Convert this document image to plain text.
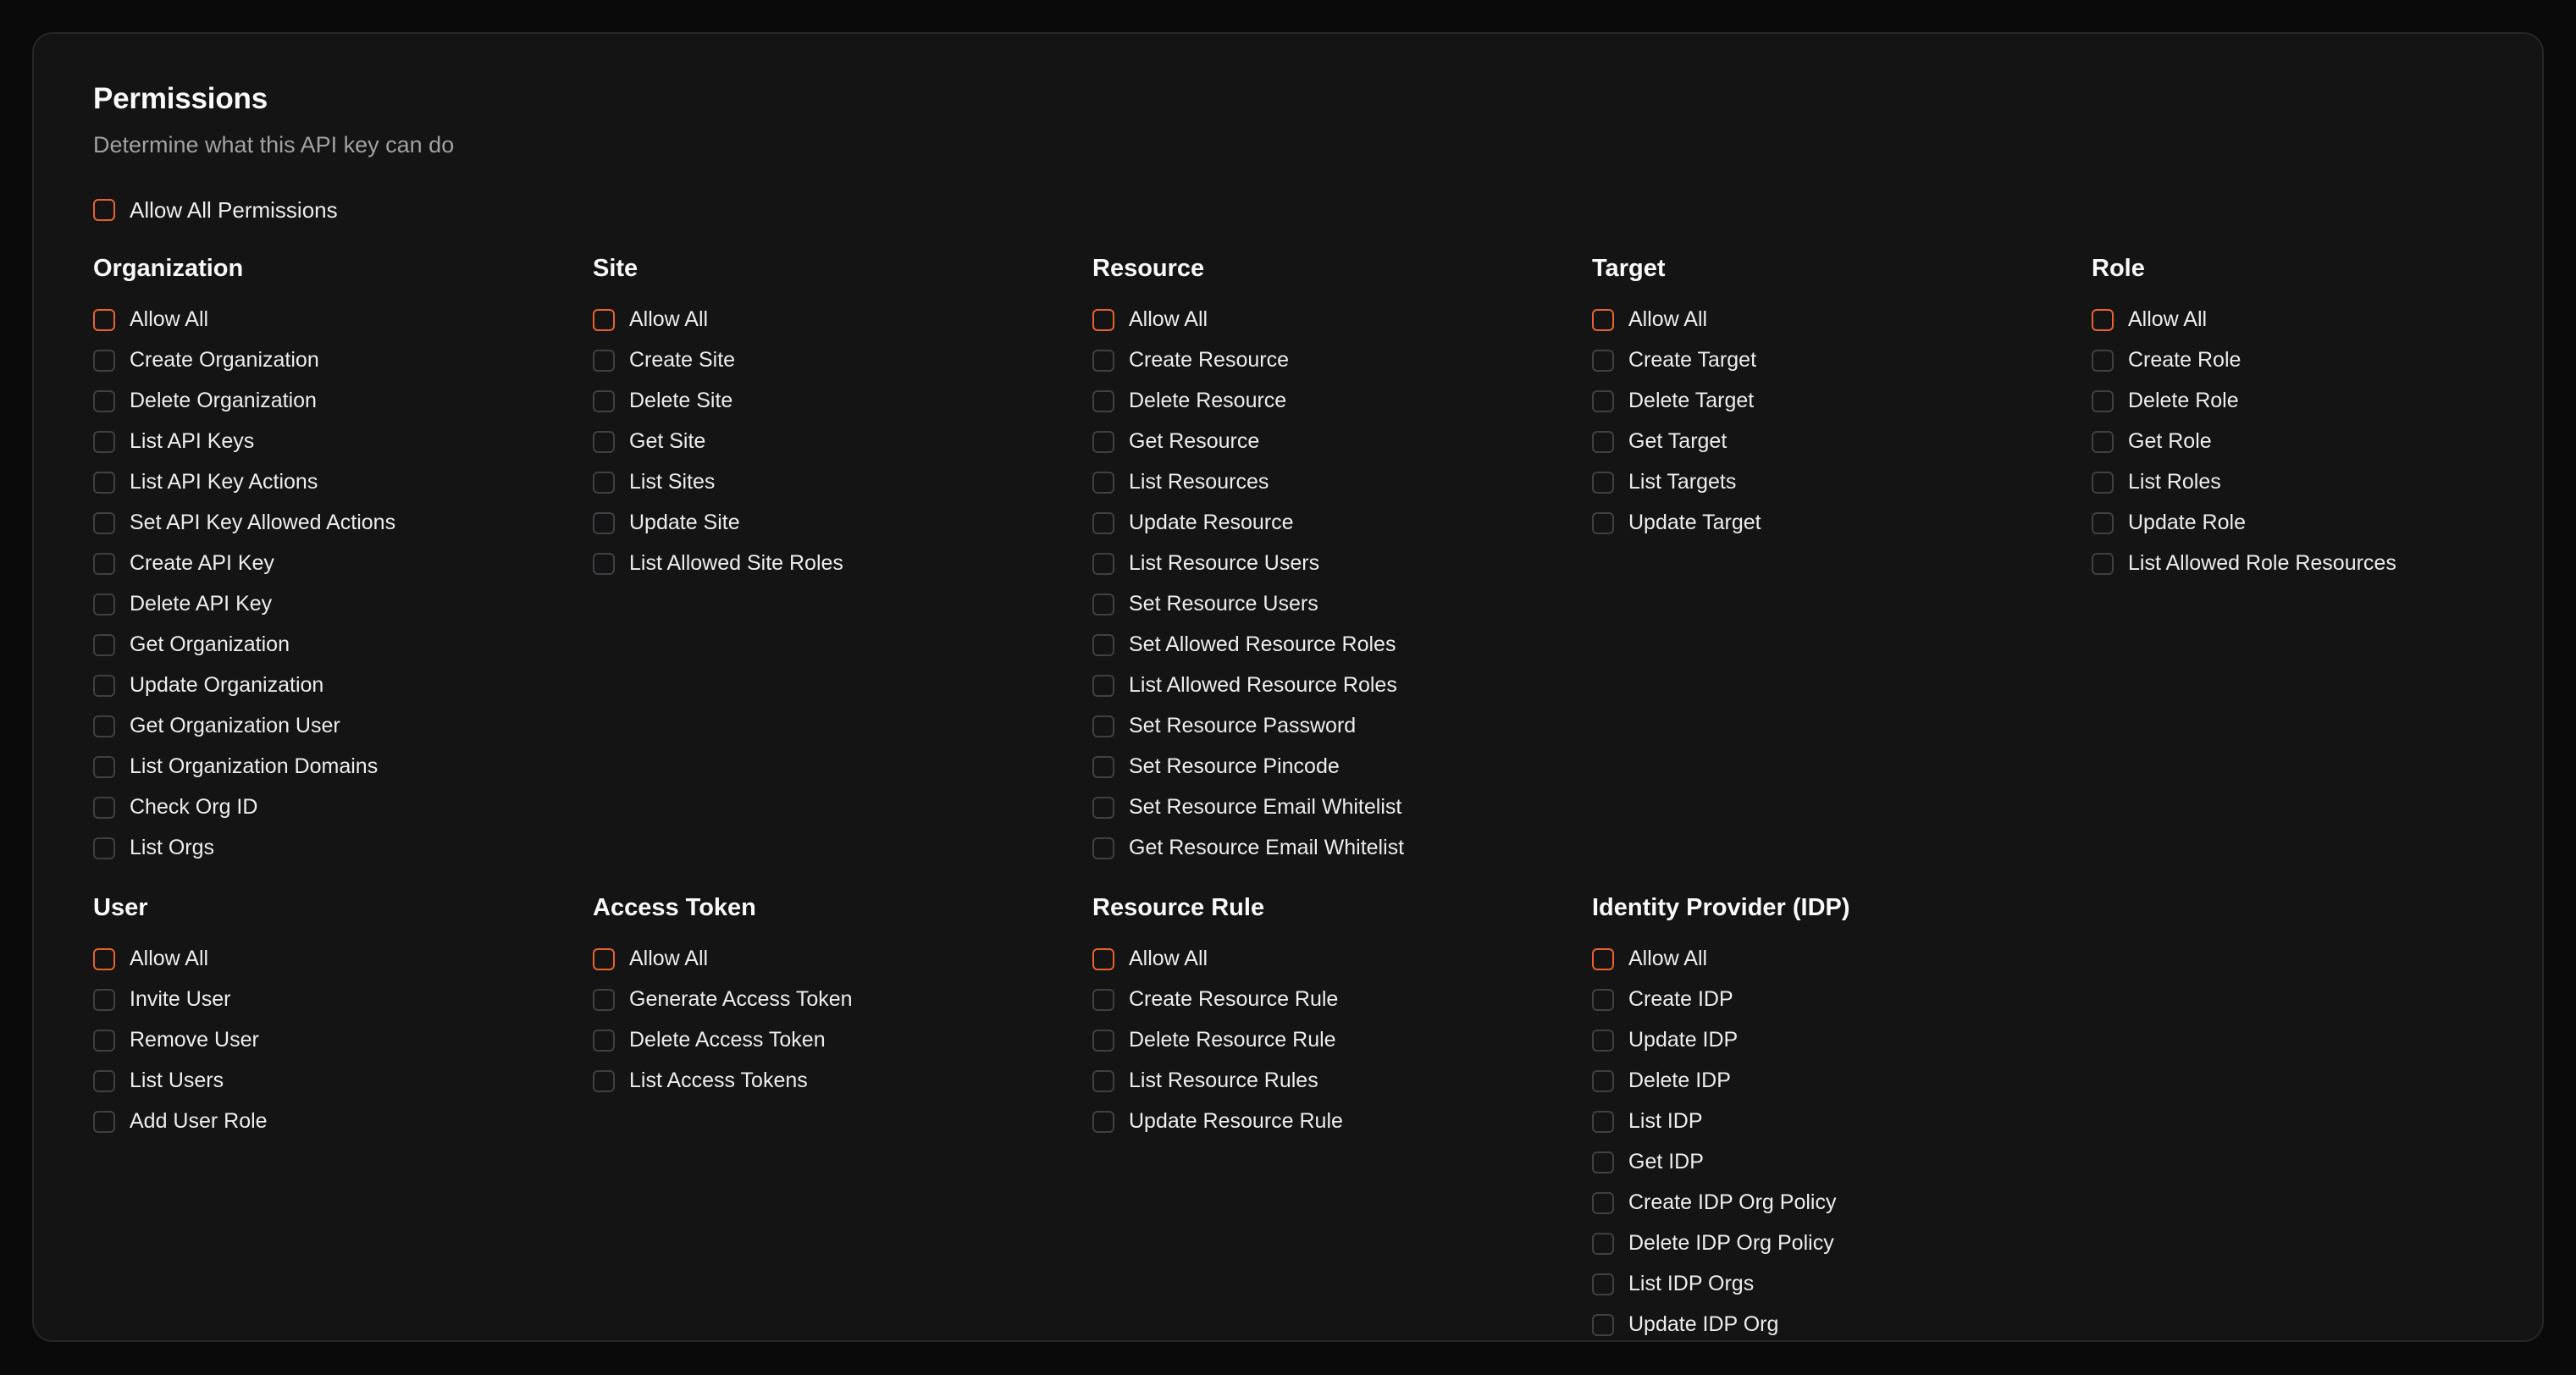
Permissions
Determine what this API key can do
Allow All Permissions
Organization
Allow All
Create Organization
Delete Organization
List API Keys
List API Key Actions
Set API Key Allowed Actions
Create API Key
Delete API Key
Get Organization
Update Organization
Get Organization User
List Organization Domains
Check Org ID
List Orgs
Site
Allow All
Create Site
Delete Site
Get Site
List Sites
Update Site
List Allowed Site Roles
Resource
Allow All
Create Resource
Delete Resource
Get Resource
List Resources
Update Resource
List Resource Users
Set Resource Users
Set Allowed Resource Roles
List Allowed Resource Roles
Set Resource Password
Set Resource Pincode
Set Resource Email Whitelist
Get Resource Email Whitelist
Target
Allow All
Create Target
Delete Target
Get Target
List Targets
Update Target
Role
Allow All
Create Role
Delete Role
Get Role
List Roles
Update Role
List Allowed Role Resources
User
Allow All
Invite User
Remove User
List Users
Add User Role
Access Token
Allow All
Generate Access Token
Delete Access Token
List Access Tokens
Resource Rule
Allow All
Create Resource Rule
Delete Resource Rule
List Resource Rules
Update Resource Rule
Identity Provider (IDP)
Allow All
Create IDP
Update IDP
Delete IDP
List IDP
Get IDP
Create IDP Org Policy
Delete IDP Org Policy
List IDP Orgs
Update IDP Org
